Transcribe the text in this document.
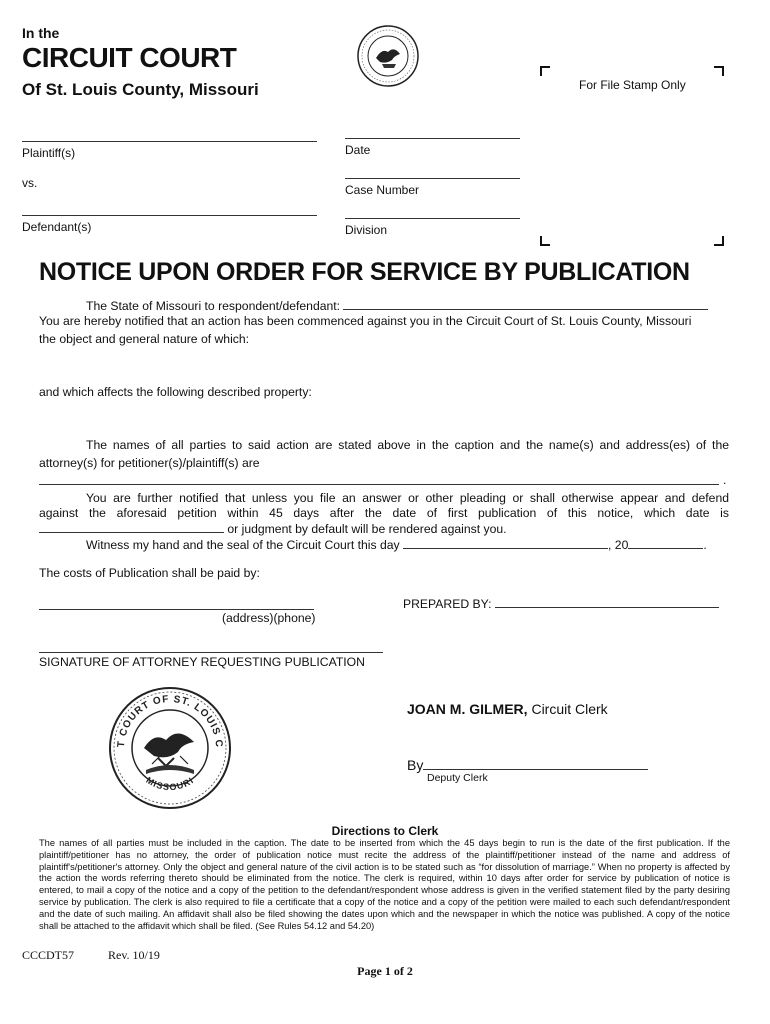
In the
CIRCUIT COURT
Of St. Louis County, Missouri	For File Stamp Only
Plaintiff(s)
vs.
Defendant(s)
Date
Case Number
Division
NOTICE UPON ORDER FOR SERVICE BY PUBLICATION
The State of Missouri to respondent/defendant:
You are hereby notified that an action has been commenced against you in the Circuit Court of St. Louis County, Missouri
the object and general nature of which:
and which affects the following described property:
The names of all parties to said action are stated above in the caption and the name(s) and address(es) of the
attorney(s) for petitioner(s)/plaintiff(s) are
.
You are further notified that unless you file an answer or other pleading or shall otherwise appear and defend
against the aforesaid petition within 45 days after the date of first publication of this notice, which date is
or judgment by default will be rendered against you.
Witness my hand and the seal of the Circuit Court this day	, 20	.
The costs of Publication shall be paid by:
(address)(phone)
PREPARED BY:
SIGNATURE OF ATTORNEY REQUESTING PUBLICATION
T COURT OF ST. LOUIS C
MISSOURI
JOAN M. GILMER, Circuit Clerk
By
Deputy Clerk
Directions to Clerk
The names of all parties must be included in the caption. The date to be inserted from which the 45 days begin to run is the date of the first publication. If the plaintiff/petitioner has no attorney, the order of publication notice must recite the address of the plaintiff/petitioner instead of the name and address of plaintiff's/petitioner's attorney. Only the object and general nature of the civil action is to be stated such as “for dissolution of marriage.” When no property is affected by the action the words referring thereto should be eliminated from the notice. The clerk is required, within 10 days after order for service by publication of notice is entered, to mail a copy of the notice and a copy of the petition to the defendant/respondent whose address is given in the verified statement filed by the party desiring service by publication. The clerk is also required to file a certificate that a copy of the notice and a copy of the petition were mailed to each such defendant/respondent and the date of such mailing. An affidavit shall also be filed showing the dates upon which and the newspaper in which the notice was published. A copy of the notice shall be attached to the affidavit which shall be filed. (See Rules 54.12 and 54.20)
CCCDT57	Rev. 10/19
Page 1 of 2
